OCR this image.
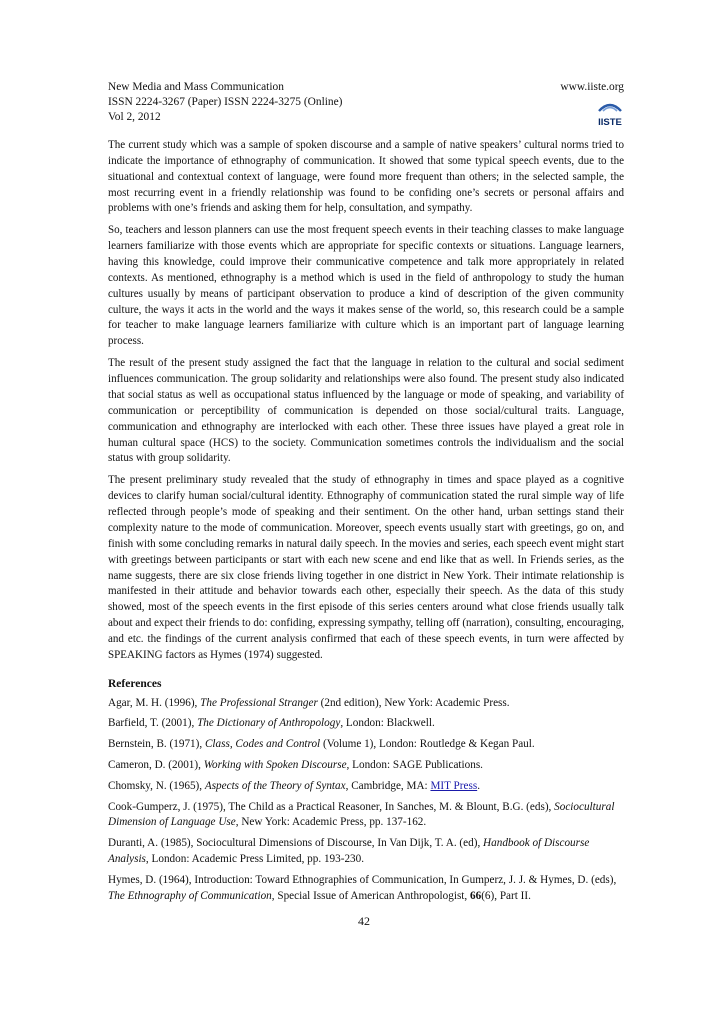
New Media and Mass Communication
ISSN 2224-3267 (Paper) ISSN 2224-3275 (Online)
Vol 2, 2012
www.iiste.org
IISTE

The current study which was a sample of spoken discourse and a sample of native speakers’ cultural norms tried to indicate the importance of ethnography of communication. It showed that some typical speech events, due to the situational and contextual context of language, were found more frequent than others; in the selected sample, the most recurring event in a friendly relationship was found to be confiding one’s secrets or personal affairs and problems with one’s friends and asking them for help, consultation, and sympathy.

So, teachers and lesson planners can use the most frequent speech events in their teaching classes to make language learners familiarize with those events which are appropriate for specific contexts or situations. Language learners, having this knowledge, could improve their communicative competence and talk more appropriately in related contexts. As mentioned, ethnography is a method which is used in the field of anthropology to study the human cultures usually by means of participant observation to produce a kind of description of the given community culture, the ways it acts in the world and the ways it makes sense of the world, so, this research could be a sample for teacher to make language learners familiarize with culture which is an important part of language learning process.

The result of the present study assigned the fact that the language in relation to the cultural and social sediment influences communication. The group solidarity and relationships were also found. The present study also indicated that social status as well as occupational status influenced by the language or mode of speaking, and variability of communication or perceptibility of communication is depended on those social/cultural traits. Language, communication and ethnography are interlocked with each other. These three issues have played a great role in human cultural space (HCS) to the society. Communication sometimes controls the individualism and the social status with group solidarity.

The present preliminary study revealed that the study of ethnography in times and space played as a cognitive devices to clarify human social/cultural identity. Ethnography of communication stated the rural simple way of life reflected through people’s mode of speaking and their sentiment. On the other hand, urban settings stand their complexity nature to the mode of communication. Moreover, speech events usually start with greetings, go on, and finish with some concluding remarks in natural daily speech. In the movies and series, each speech event might start with greetings between participants or start with each new scene and end like that as well. In Friends series, as the name suggests, there are six close friends living together in one district in New York. Their intimate relationship is manifested in their attitude and behavior towards each other, especially their speech. As the data of this study showed, most of the speech events in the first episode of this series centers around what close friends usually talk about and expect their friends to do: confiding, expressing sympathy, telling off (narration), consulting, encouraging, and etc. the findings of the current analysis confirmed that each of these speech events, in turn were affected by SPEAKING factors as Hymes (1974) suggested.

References

Agar, M. H. (1996), The Professional Stranger (2nd edition), New York: Academic Press.

Barfield, T. (2001), The Dictionary of Anthropology, London: Blackwell.

Bernstein, B. (1971), Class, Codes and Control (Volume 1), London: Routledge & Kegan Paul.

Cameron, D. (2001), Working with Spoken Discourse, London: SAGE Publications.

Chomsky, N. (1965), Aspects of the Theory of Syntax, Cambridge, MA: MIT Press.

Cook-Gumperz, J. (1975), The Child as a Practical Reasoner, In Sanches, M. & Blount, B.G. (eds), Sociocultural Dimension of Language Use, New York: Academic Press, pp. 137-162.

Duranti, A. (1985), Sociocultural Dimensions of Discourse, In Van Dijk, T. A. (ed), Handbook of Discourse Analysis, London: Academic Press Limited, pp. 193-230.

Hymes, D. (1964), Introduction: Toward Ethnographies of Communication, In Gumperz, J. J. & Hymes, D. (eds), The Ethnography of Communication, Special Issue of American Anthropologist, 66(6), Part II.

42
